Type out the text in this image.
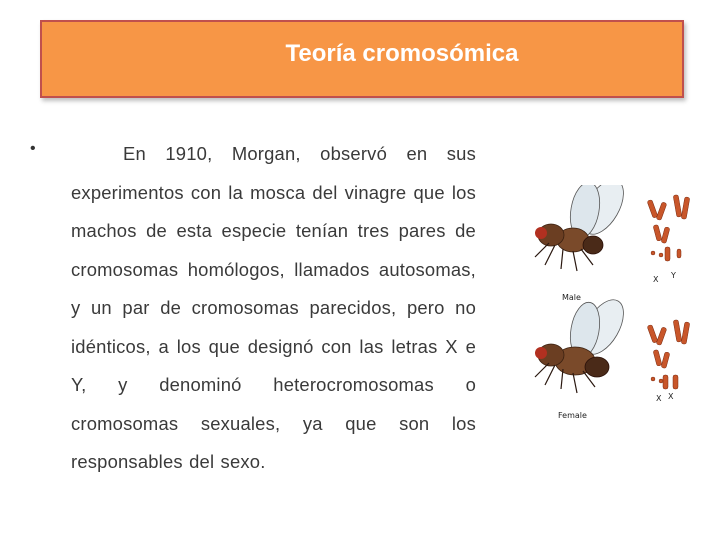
Teoría cromosómica
•	En 1910, Morgan, observó en sus experimentos con la mosca del vinagre que los machos de esta especie tenían tres pares de cromosomas homólogos, llamados autosomas, y un par de cromosomas parecidos, pero no idénticos, a los que designó con las letras X e Y, y denominó heterocromosomas o cromosomas sexuales, ya que son los responsables del sexo.
Male
Female
X Y
X X
